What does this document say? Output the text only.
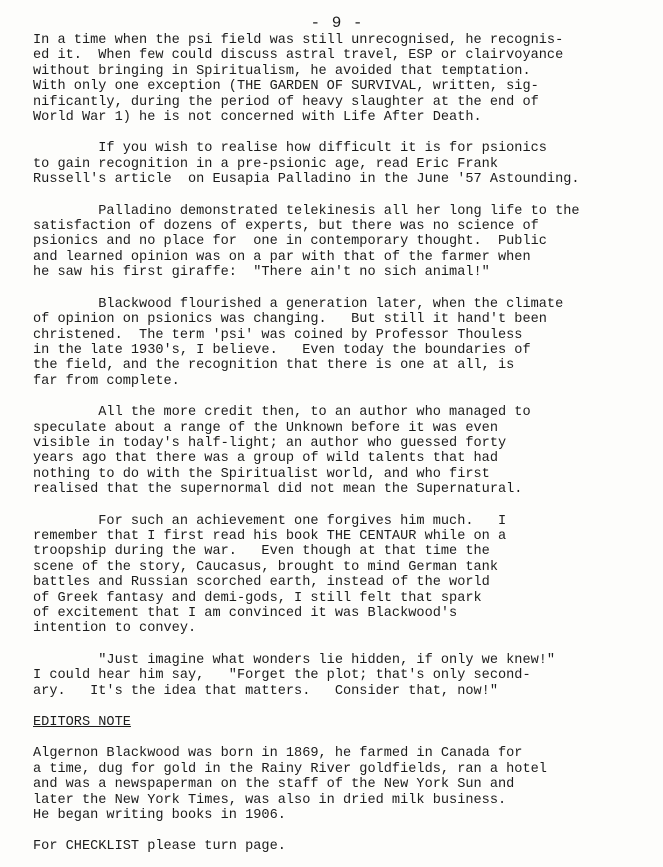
- 9 -
In a time when the psi field was still unrecognised, he recognis-
ed it.  When few could discuss astral travel, ESP or clairvoyance
without bringing in Spiritualism, he avoided that temptation.
With only one exception (THE GARDEN OF SURVIVAL, written, sig-
nificantly, during the period of heavy slaughter at the end of
World War 1) he is not concerned with Life After Death.
If you wish to realise how difficult it is for psionics
to gain recognition in a pre-psionic age, read Eric Frank
Russell's article  on Eusapia Palladino in the June '57 Astounding.
Palladino demonstrated telekinesis all her long life to the
satisfaction of dozens of experts, but there was no science of
psionics and no place for  one in contemporary thought.  Public
and learned opinion was on a par with that of the farmer when
he saw his first giraffe:  "There ain't no sich animal!"
Blackwood flourished a generation later, when the climate
of opinion on psionics was changing.   But still it hand't been
christened.  The term 'psi' was coined by Professor Thouless
in the late 1930's, I believe.   Even today the boundaries of
the field, and the recognition that there is one at all, is
far from complete.
All the more credit then, to an author who managed to
speculate about a range of the Unknown before it was even
visible in today's half-light; an author who guessed forty
years ago that there was a group of wild talents that had
nothing to do with the Spiritualist world, and who first
realised that the supernormal did not mean the Supernatural.
For such an achievement one forgives him much.   I
remember that I first read his book THE CENTAUR while on a
troopship during the war.   Even though at that time the
scene of the story, Caucasus, brought to mind German tank
battles and Russian scorched earth, instead of the world
of Greek fantasy and demi-gods, I still felt that spark
of excitement that I am convinced it was Blackwood's
intention to convey.
"Just imagine what wonders lie hidden, if only we knew!"
I could hear him say,   "Forget the plot; that's only second-
ary.   It's the idea that matters.   Consider that, now!"
EDITORS NOTE
Algernon Blackwood was born in 1869, he farmed in Canada for
a time, dug for gold in the Rainy River goldfields, ran a hotel
and was a newspaperman on the staff of the New York Sun and
later the New York Times, was also in dried milk business.
He began writing books in 1906.
For CHECKLIST please turn page.
